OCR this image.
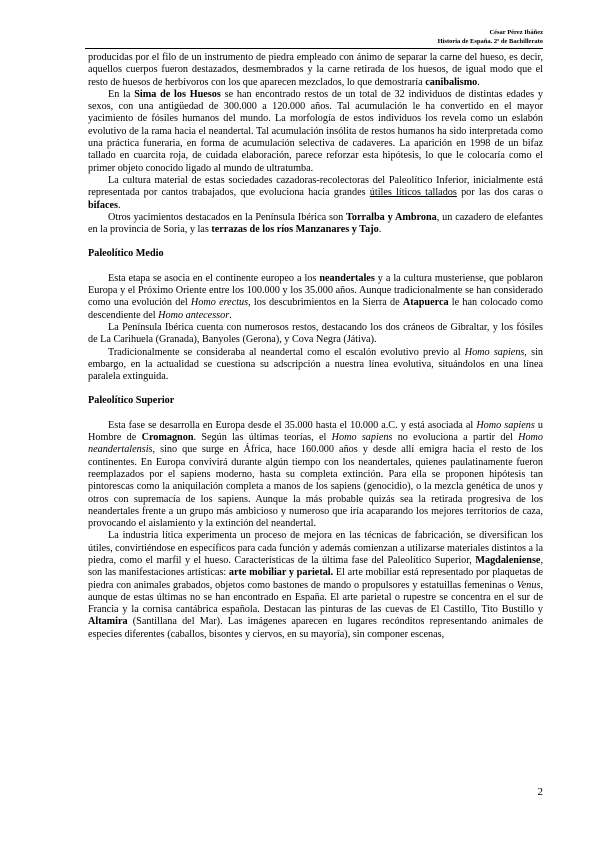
César Pérez Ibáñez
Historia de España. 2º de Bachillerato

producidas por el filo de un instrumento de piedra empleado con ánimo de separar la carne del hueso, es decir, aquellos cuerpos fueron destazados, desmembrados y la carne retirada de los huesos, de igual modo que el resto de huesos de herbívoros con los que aparecen mezclados, lo que demostraría canibalismo.

En la Sima de los Huesos se han encontrado restos de un total de 32 individuos de distintas edades y sexos, con una antigüedad de 300.000 a 120.000 años. Tal acumulación le ha convertido en el mayor yacimiento de fósiles humanos del mundo. La morfología de estos individuos los revela como un eslabón evolutivo de la rama hacia el neandertal. Tal acumulación insólita de restos humanos ha sido interpretada como una práctica funeraria, en forma de acumulación selectiva de cadaveres. La aparición en 1998 de un bifaz tallado en cuarcita roja, de cuidada elaboración, parece reforzar esta hipótesis, lo que le colocaría como el primer objeto conocido ligado al mundo de ultratumba.

La cultura material de estas sociedades cazadoras-recolectoras del Paleolítico Inferior, inicialmente está representada por cantos trabajados, que evoluciona hacia grandes útiles líticos tallados por las dos caras o bifaces.

Otros yacimientos destacados en la Península Ibérica son Torralba y Ambrona, un cazadero de elefantes en la provincia de Soria, y las terrazas de los ríos Manzanares y Tajo.

Paleolítico Medio

Esta etapa se asocia en el continente europeo a los neandertales y a la cultura musteriense, que poblaron Europa y el Próximo Oriente entre los 100.000 y los 35.000 años. Aunque tradicionalmente se han considerado como una evolución del Homo erectus, los descubrimientos en la Sierra de Atapuerca le han colocado como descendiente del Homo antecessor.

La Península Ibérica cuenta con numerosos restos, destacando los dos cráneos de Gibraltar, y los fósiles de La Carihuela (Granada), Banyoles (Gerona), y Cova Negra (Játiva).

Tradicionalmente se consideraba al neandertal como el escalón evolutivo previo al Homo sapiens, sin embargo, en la actualidad se cuestiona su adscripción a nuestra línea evolutiva, situándolos en una línea paralela extinguida.

Paleolítico Superior

Esta fase se desarrolla en Europa desde el 35.000 hasta el 10.000 a.C. y está asociada al Homo sapiens u Hombre de Cromagnon. Según las últimas teorías, el Homo sapiens no evoluciona a partir del Homo neandertalensis, sino que surge en África, hace 160.000 años y desde allí emigra hacia el resto de los continentes. En Europa convivirá durante algún tiempo con los neandertales, quienes paulatinamente fueron reemplazados por el sapiens moderno, hasta su completa extinción. Para ella se proponen hipótesis tan pintorescas como la aniquilación completa a manos de los sapiens (genocidio), o la mezcla genética de unos y otros con supremacía de los sapiens. Aunque la más probable quizás sea la retirada progresiva de los neandertales frente a un grupo más ambicioso y numeroso que iría acaparando los mejores territorios de caza, provocando el aislamiento y la extinción del neandertal.

La industria lítica experimenta un proceso de mejora en las técnicas de fabricación, se diversifican los útiles, convirtiéndose en específicos para cada función y además comienzan a utilizarse materiales distintos a la piedra, como el marfil y el hueso. Características de la última fase del Paleolítico Superior, Magdaleniense, son las manifestaciones artísticas: arte mobiliar y parietal. El arte mobiliar está representado por plaquetas de piedra con animales grabados, objetos como bastones de mando o propulsores y estatuillas femeninas o Venus, aunque de estas últimas no se han encontrado en España. El arte parietal o rupestre se concentra en el sur de Francia y la cornisa cantábrica española. Destacan las pinturas de las cuevas de El Castillo, Tito Bustillo y Altamira (Santillana del Mar). Las imágenes aparecen en lugares recónditos representando animales de especies diferentes (caballos, bisontes y ciervos, en su mayoría), sin componer escenas,

2
